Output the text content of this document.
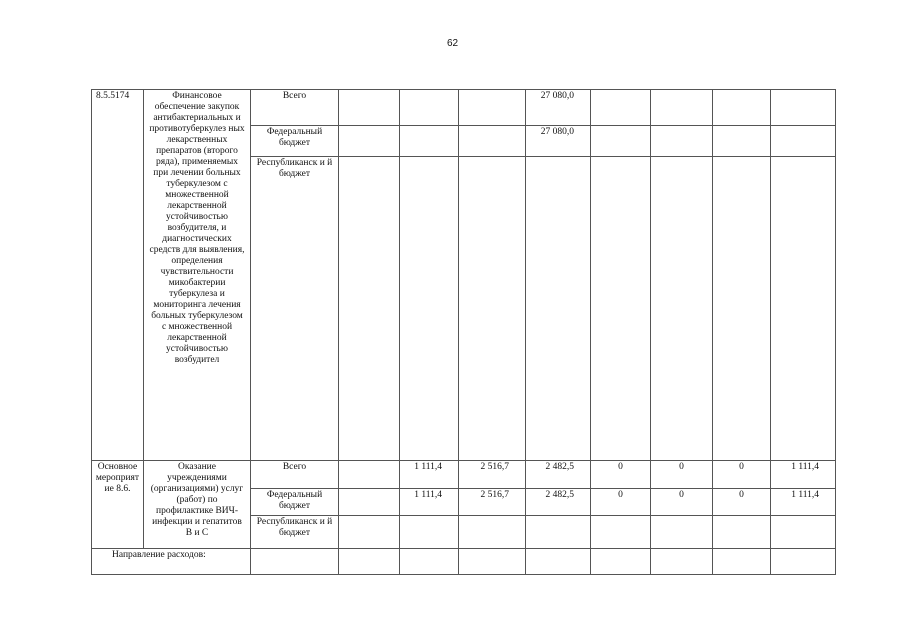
62
8.5.5174	Финансовое обеспечение закупок антибактериальных и противотуберкулез ных лекарственных препаратов (второго ряда), применяемых при лечении больных туберкулезом с множественной лекарственной устойчивостью возбудителя, и диагностических средств для выявления, определения чувствительности микобактерии туберкулеза и мониторинга лечения больных туберкулезом с множественной лекарственной устойчивостью возбудител	Всего				27 080,0				
		Федеральный бюджет				27 080,0				
		Республиканск и й бюджет								
Основное мероприятие 8.6.	Оказание учреждениями (организациями) услуг (работ) по профилактике ВИЧ-инфекции и гепатитов В и С	Всего		1 111,4	2 516,7	2 482,5	0	0	0	1 111,4
		Федеральный бюджет		1 111,4	2 516,7	2 482,5	0	0	0	1 111,4
		Республиканск и й бюджет								
Направление расходов:										
